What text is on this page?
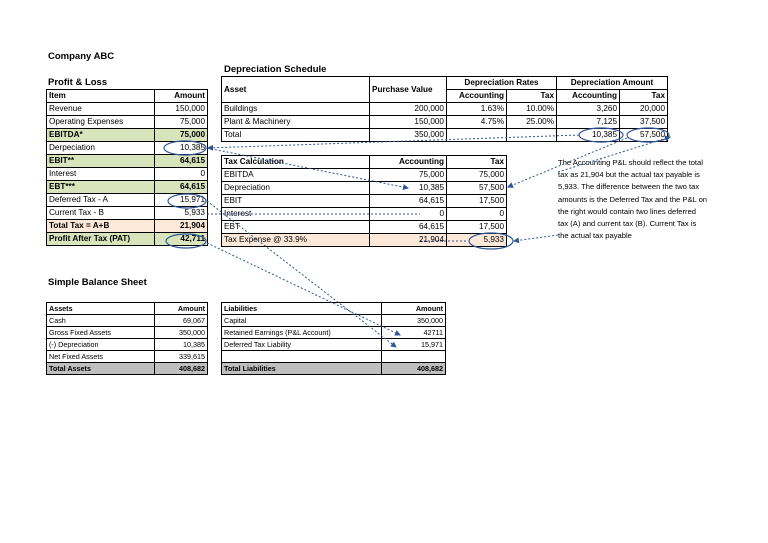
Company ABC
Profit & Loss
Item	Amount
Revenue	150,000
Operating Expenses	75,000
EBITDA*	75,000
Derpeciation	10,385
EBIT**	64,615
Interest	0
EBT***	64,615
Deferred Tax - A	15,971
Current Tax - B	5,933
Total Tax = A+B	21,904
Profit After Tax (PAT)	42,711
Depreciation Schedule
Asset	Purchase Value	Depreciation Rates		Depreciation Amount	
		Accounting	Tax	Accounting	Tax
Buildings	200,000	1.63%	10.00%	3,260	20,000
Plant & Machinery	150,000	4.75%	25.00%	7,125	37,500
Total	350,000			10,385	57,500
Tax Calculation	Accounting	Tax
EBITDA	75,000	75,000
Depreciation	10,385	57,500
EBIT	64,615	17,500
Interest	0	0
EBT	64,615	17,500
Tax Expense @ 33.9%	21,904	5,933
The Accounting P&L should reflect the total tax as 21,904 but the actual tax payable is 5,933. The difference between the two tax amounts is the Deferred Tax and the P&L on the right would contain two lines deferred tax (A) and current tax (B). Current Tax is the actual tax payable
Simple Balance Sheet
Assets	Amount
Cash	69,067
Gross Fixed Assets	350,000
(-) Depreciation	10,385
Net Fixed Assets	339,615
Total Assets	408,682
Liabilities	Amount
Capital	350,000
Retained Earnings (P&L Account)	42711
Deferred Tax Liability	15,971

Total Liabilities	408,682
